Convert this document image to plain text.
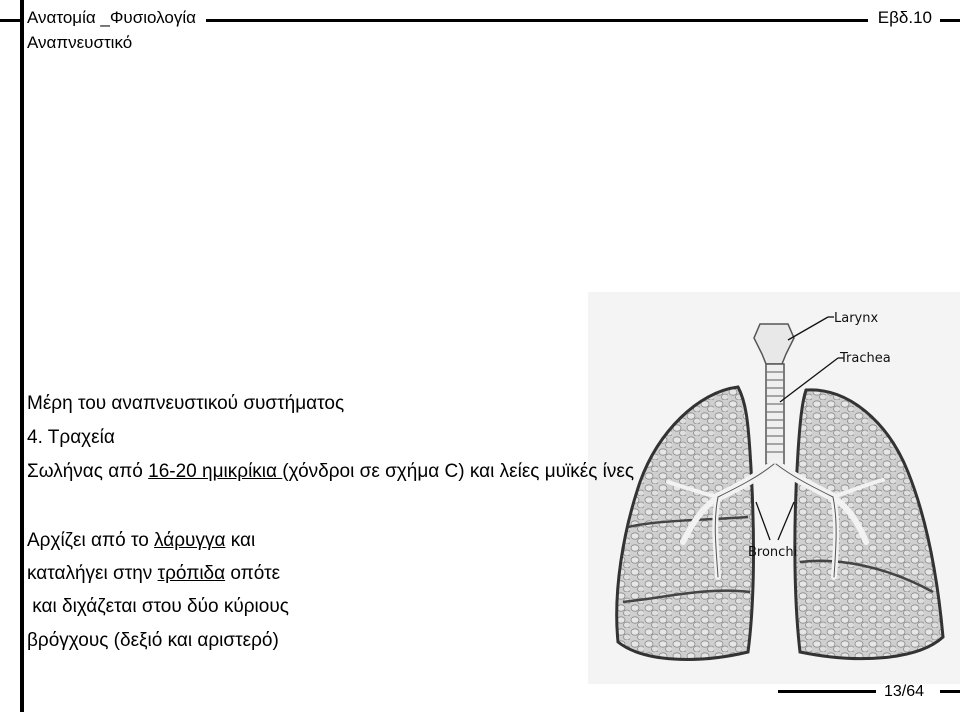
Ανατομία _Φυσιολογία
Αναπνευστικό
Εβδ.10
Larynx
Trachea
Bronchi
Μέρη του αναπνευστικού συστήματος
4. Τραχεία
Σωλήνας από 16-20 ημικρίκια (χόνδροι σε σχήμα C) και λείες μυϊκές ίνες
Αρχίζει από το λάρυγγα και
καταλήγει στην τρόπιδα οπότε
και διχάζεται στου δύο κύριους
βρόγχους (δεξιό και αριστερό)
13/64
